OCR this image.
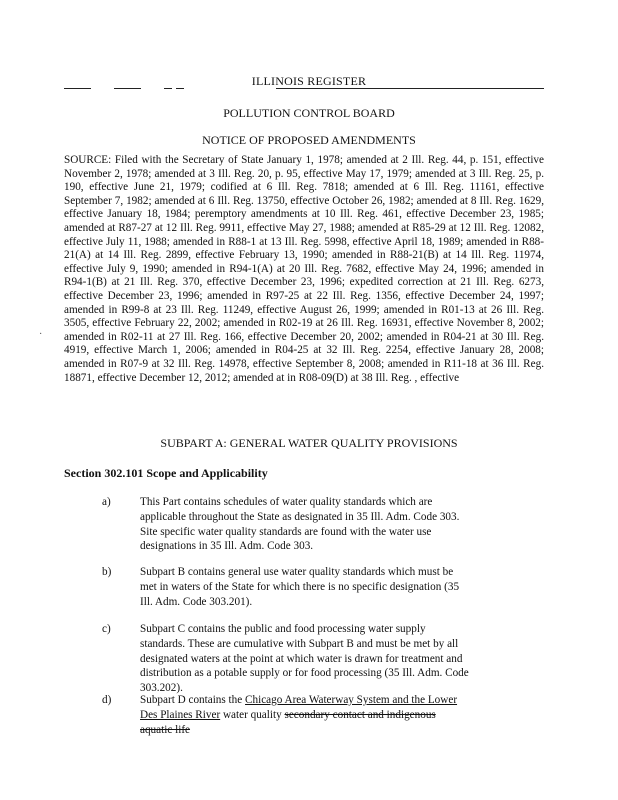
ILLINOIS REGISTER
POLLUTION CONTROL BOARD
NOTICE OF PROPOSED AMENDMENTS
SOURCE: Filed with the Secretary of State January 1, 1978; amended at 2 Ill. Reg. 44, p. 151, effective November 2, 1978; amended at 3 Ill. Reg. 20, p. 95, effective May 17, 1979; amended at 3 Ill. Reg. 25, p. 190, effective June 21, 1979; codified at 6 Ill. Reg. 7818; amended at 6 Ill. Reg. 11161, effective September 7, 1982; amended at 6 Ill. Reg. 13750, effective October 26, 1982; amended at 8 Ill. Reg. 1629, effective January 18, 1984; peremptory amendments at 10 Ill. Reg. 461, effective December 23, 1985; amended at R87-27 at 12 Ill. Reg. 9911, effective May 27, 1988; amended at R85-29 at 12 Ill. Reg. 12082, effective July 11, 1988; amended in R88-1 at 13 Ill. Reg. 5998, effective April 18, 1989; amended in R88-21(A) at 14 Ill. Reg. 2899, effective February 13, 1990; amended in R88-21(B) at 14 Ill. Reg. 11974, effective July 9, 1990; amended in R94-1(A) at 20 Ill. Reg. 7682, effective May 24, 1996; amended in R94-1(B) at 21 Ill. Reg. 370, effective December 23, 1996; expedited correction at 21 Ill. Reg. 6273, effective December 23, 1996; amended in R97-25 at 22 Ill. Reg. 1356, effective December 24, 1997; amended in R99-8 at 23 Ill. Reg. 11249, effective August 26, 1999; amended in R01-13 at 26 Ill. Reg. 3505, effective February 22, 2002; amended in R02-19 at 26 Ill. Reg. 16931, effective November 8, 2002; amended in R02-11 at 27 Ill. Reg. 166, effective December 20, 2002; amended in R04-21 at 30 Ill. Reg. 4919, effective March 1, 2006; amended in R04-25 at 32 Ill. Reg. 2254, effective January 28, 2008; amended in R07-9 at 32 Ill. Reg. 14978, effective September 8, 2008; amended in R11-18 at 36 Ill. Reg. 18871, effective December 12, 2012; amended at in R08-09(D) at 38 Ill. Reg. , effective
·
SUBPART A: GENERAL WATER QUALITY PROVISIONS
Section 302.101 Scope and Applicability
a)	This Part contains schedules of water quality standards which are applicable throughout the State as designated in 35 Ill. Adm. Code 303. Site specific water quality standards are found with the water use designations in 35 Ill. Adm. Code 303.
b)	Subpart B contains general use water quality standards which must be met in waters of the State for which there is no specific designation (35 Ill. Adm. Code 303.201).
c)	Subpart C contains the public and food processing water supply standards. These are cumulative with Subpart B and must be met by all designated waters at the point at which water is drawn for treatment and distribution as a potable supply or for food processing (35 Ill. Adm. Code 303.202).
d)	Subpart D contains the Chicago Area Waterway System and the Lower Des Plaines River water quality secondary contact and indigenous aquatic life
